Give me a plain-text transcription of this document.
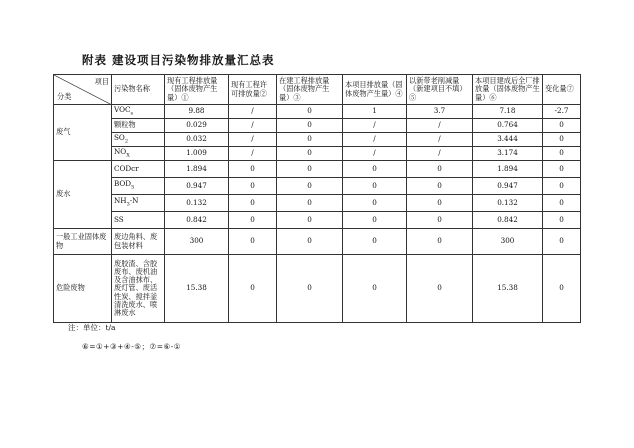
附表 建设项目污染物排放量汇总表
项目
分类	污染物名称	现有工程排放量（固体废物产生量）①	现有工程许可排放量②	在建工程排放量（固体废物产生量）③	本项目排放量（固体废物产生量）④	以新带老削减量（新建项目不填）⑤	本项目建成后全厂排放量（固体废物产生量）⑥	变化量⑦
废气	$VOC_s$	9.88	/	0	1	3.7	7.18	-2.7
	颗粒物	0.029	/	0	/	/	0.764	0
	$SO_2$	0.032	/	0	/	/	3.444	0
	$NO_X$	1.009	/	0	/	/	3.174	0
废水	CODcr	1.894	0	0	0	0	1.894	0
	$BOD_5$	0.947	0	0	0	0	0.947	0
	$NH_3-N$	0.132	0	0	0	0	0.132	0
	SS	0.842	0	0	0	0	0.842	0
一般工业固体废物	废边角料、废包装材料	300	0	0	0	0	300	0
危险废物	废胶渣、含胶废布、废机油及含油抹布、废灯管、废活性炭、搅拌釜清洗废水、喷淋废水	15.38	0	0	0	0	15.38	0
注：单位：t/a
⑥=①+③+④-⑤；⑦=⑥-①
